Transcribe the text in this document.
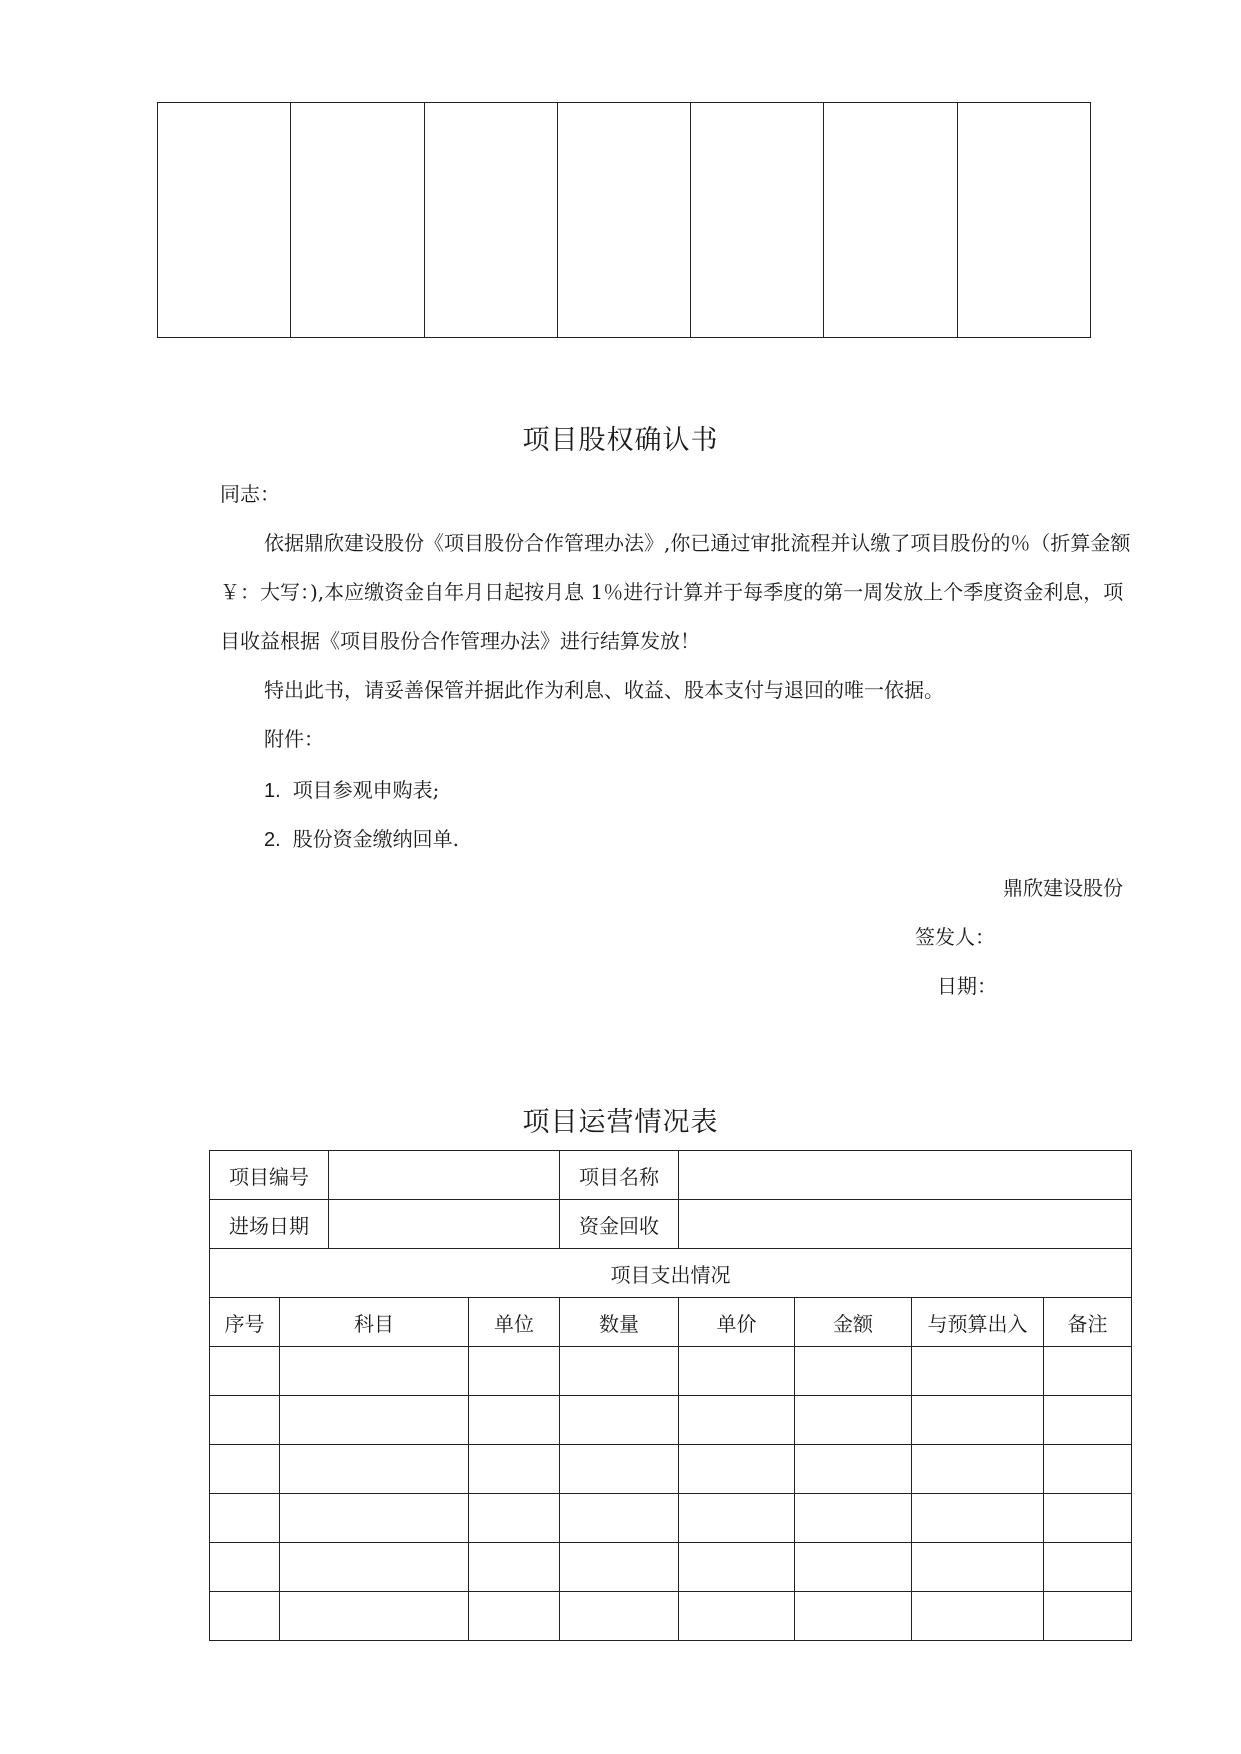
项目股权确认书

同志：

依据鼎欣建设股份《项目股份合作管理办法》,你已通过审批流程并认缴了项目股份的％（折算金额￥：大写：),本应缴资金自年月日起按月息 1％进行计算并于每季度的第一周发放上个季度资金利息，项目收益根据《项目股份合作管理办法》进行结算发放！

特出此书，请妥善保管并据此作为利息、收益、股本支付与退回的唯一依据。

附件：

1. 项目参观申购表;
2. 股份资金缴纳回单.
鼎欣建设股份
签发人：
日期：
项目运营情况表
项目编号				项目名称				
进场日期				资金回收				
项目支出情况								
序号	科目		单位	数量	单价	金额	与预算出入	备注
